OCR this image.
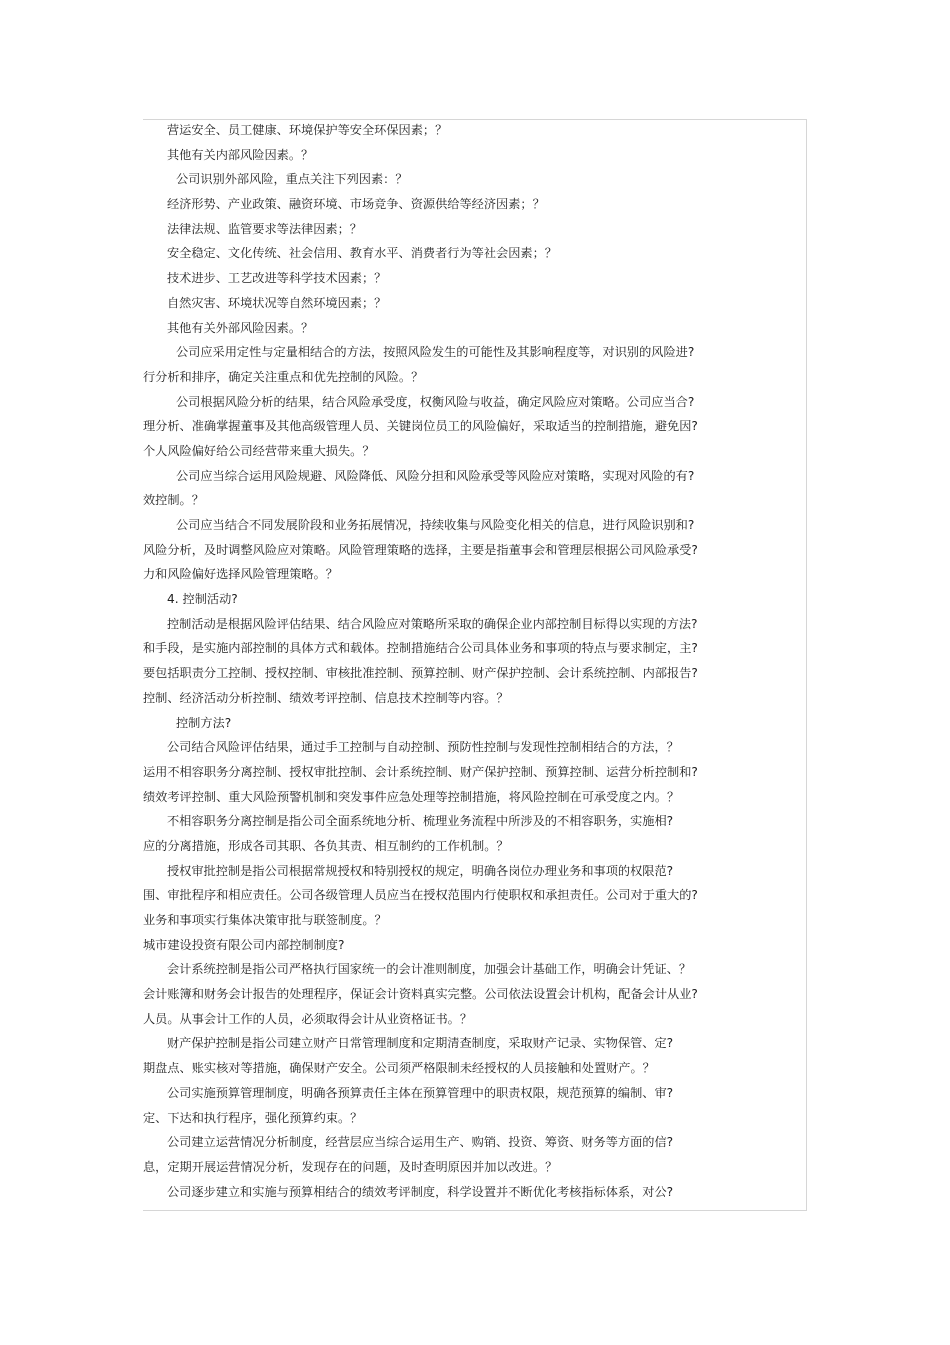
营运安全、员工健康、环境保护等安全环保因素；？
其他有关内部风险因素。？
公司识别外部风险，重点关注下列因素：？
经济形势、产业政策、融资环境、市场竞争、资源供给等经济因素；？
法律法规、监管要求等法律因素；？
安全稳定、文化传统、社会信用、教育水平、消费者行为等社会因素；？
技术进步、工艺改进等科学技术因素；？
自然灾害、环境状况等自然环境因素；？
其他有关外部风险因素。？
公司应采用定性与定量相结合的方法，按照风险发生的可能性及其影响程度等，对识别的风险进?
行分析和排序，确定关注重点和优先控制的风险。？
公司根据风险分析的结果，结合风险承受度，权衡风险与收益，确定风险应对策略。公司应当合?
理分析、准确掌握董事及其他高级管理人员、关键岗位员工的风险偏好，采取适当的控制措施，避免因?
个人风险偏好给公司经营带来重大损失。？
公司应当综合运用风险规避、风险降低、风险分担和风险承受等风险应对策略，实现对风险的有?
效控制。？
公司应当结合不同发展阶段和业务拓展情况，持续收集与风险变化相关的信息，进行风险识别和?
风险分析，及时调整风险应对策略。风险管理策略的选择，主要是指董事会和管理层根据公司风险承受?
力和风险偏好选择风险管理策略。？
4. 控制活动?
控制活动是根据风险评估结果、结合风险应对策略所采取的确保企业内部控制目标得以实现的方法?
和手段，是实施内部控制的具体方式和载体。控制措施结合公司具体业务和事项的特点与要求制定，主?
要包括职责分工控制、授权控制、审核批准控制、预算控制、财产保护控制、会计系统控制、内部报告?
控制、经济活动分析控制、绩效考评控制、信息技术控制等内容。？
控制方法?
公司结合风险评估结果，通过手工控制与自动控制、预防性控制与发现性控制相结合的方法，？
运用不相容职务分离控制、授权审批控制、会计系统控制、财产保护控制、预算控制、运营分析控制和?
绩效考评控制、重大风险预警机制和突发事件应急处理等控制措施，将风险控制在可承受度之内。？
不相容职务分离控制是指公司全面系统地分析、梳理业务流程中所涉及的不相容职务，实施相?
应的分离措施，形成各司其职、各负其责、相互制约的工作机制。？
授权审批控制是指公司根据常规授权和特别授权的规定，明确各岗位办理业务和事项的权限范?
围、审批程序和相应责任。公司各级管理人员应当在授权范围内行使职权和承担责任。公司对于重大的?
业务和事项实行集体决策审批与联签制度。？
城市建设投资有限公司内部控制制度?
会计系统控制是指公司严格执行国家统一的会计准则制度，加强会计基础工作，明确会计凭证、？
会计账簿和财务会计报告的处理程序，保证会计资料真实完整。公司依法设置会计机构，配备会计从业?
人员。从事会计工作的人员，必须取得会计从业资格证书。？
财产保护控制是指公司建立财产日常管理制度和定期清查制度，采取财产记录、实物保管、定?
期盘点、账实核对等措施，确保财产安全。公司须严格限制未经授权的人员接触和处置财产。？
公司实施预算管理制度，明确各预算责任主体在预算管理中的职责权限，规范预算的编制、审?
定、下达和执行程序，强化预算约束。？
公司建立运营情况分析制度，经营层应当综合运用生产、购销、投资、筹资、财务等方面的信?
息，定期开展运营情况分析，发现存在的问题，及时查明原因并加以改进。？
公司逐步建立和实施与预算相结合的绩效考评制度，科学设置并不断优化考核指标体系，对公?
